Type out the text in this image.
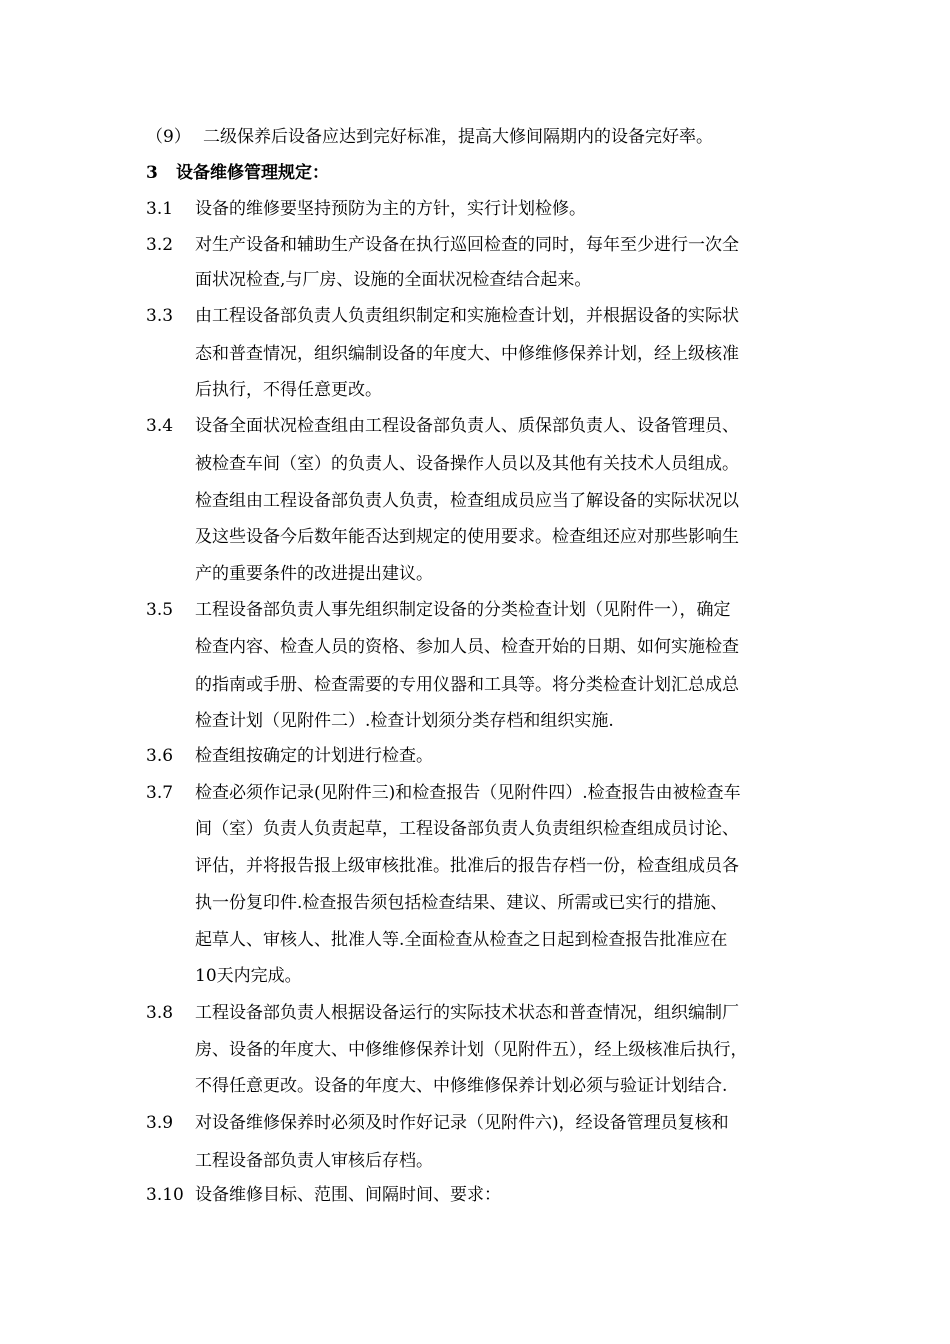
（9） 二级保养后设备应达到完好标准，提高大修间隔期内的设备完好率。
3 设备维修管理规定：
3.1 设备的维修要坚持预防为主的方针，实行计划检修。
3.2 对生产设备和辅助生产设备在执行巡回检查的同时，每年至少进行一次全
面状况检查,与厂房、设施的全面状况检查结合起来。
3.3 由工程设备部负责人负责组织制定和实施检查计划，并根据设备的实际状
态和普查情况，组织编制设备的年度大、中修维修保养计划，经上级核准
后执行，不得任意更改。
3.4 设备全面状况检查组由工程设备部负责人、质保部负责人、设备管理员、
被检查车间（室）的负责人、设备操作人员以及其他有关技术人员组成。
检查组由工程设备部负责人负责，检查组成员应当了解设备的实际状况以
及这些设备今后数年能否达到规定的使用要求。检查组还应对那些影响生
产的重要条件的改进提出建议。
3.5 工程设备部负责人事先组织制定设备的分类检查计划（见附件一），确定
检查内容、检查人员的资格、参加人员、检查开始的日期、如何实施检查
的指南或手册、检查需要的专用仪器和工具等。将分类检查计划汇总成总
检查计划（见附件二）.检查计划须分类存档和组织实施.
3.6 检查组按确定的计划进行检查。
3.7 检查必须作记录(见附件三)和检查报告（见附件四）.检查报告由被检查车
间（室）负责人负责起草，工程设备部负责人负责组织检查组成员讨论、
评估，并将报告报上级审核批准。批准后的报告存档一份，检查组成员各
执一份复印件.检查报告须包括检查结果、建议、所需或已实行的措施、
起草人、审核人、批准人等.全面检查从检查之日起到检查报告批准应在
10天内完成。
3.8 工程设备部负责人根据设备运行的实际技术状态和普查情况，组织编制厂
房、设备的年度大、中修维修保养计划（见附件五），经上级核准后执行，
不得任意更改。设备的年度大、中修维修保养计划必须与验证计划结合.
3.9 对设备维修保养时必须及时作好记录（见附件六)，经设备管理员复核和
工程设备部负责人审核后存档。
3.10 设备维修目标、范围、间隔时间、要求：
